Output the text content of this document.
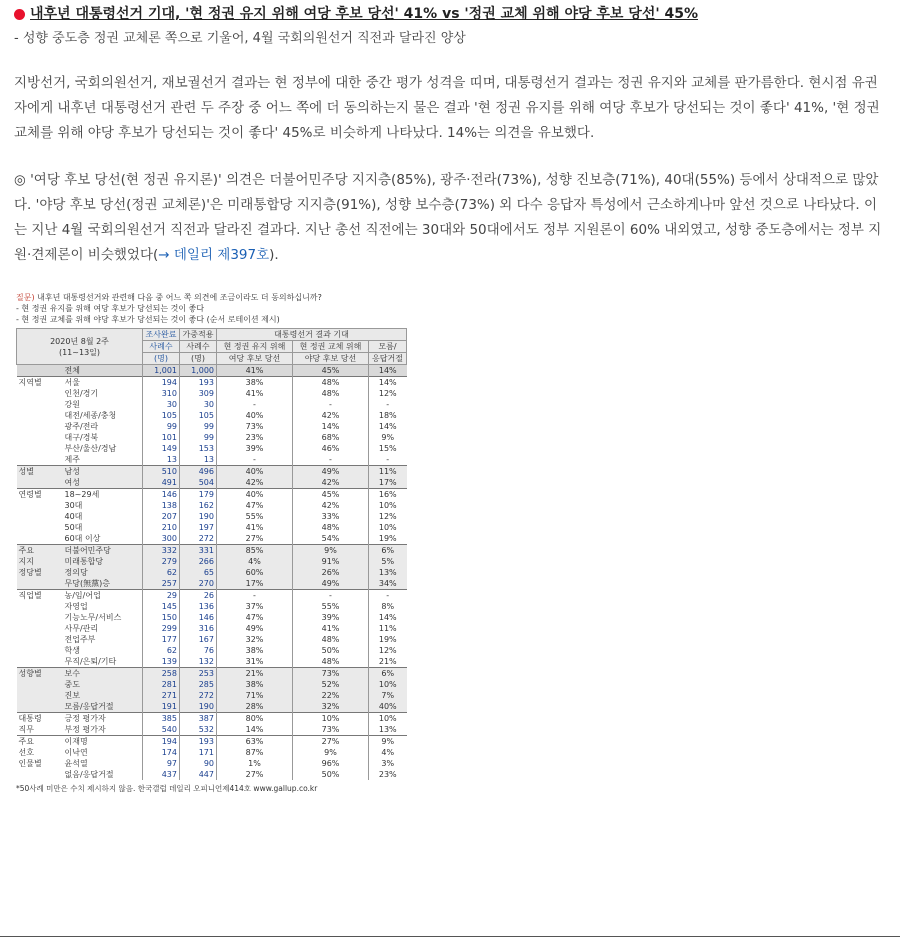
내후년 대통령선거 기대, '현 정권 유지 위해 여당 후보 당선' 41% vs '정권 교체 위해 야당 후보 당선' 45%
- 성향 중도층 정권 교체론 쪽으로 기울어, 4월 국회의원선거 직전과 달라진 양상
지방선거, 국회의원선거, 재보궐선거 결과는 현 정부에 대한 중간 평가 성격을 띠며, 대통령선거 결과는 정권 유지와 교체를 판가름한다. 현시점 유권자에게 내후년 대통령선거 관련 두 주장 중 어느 쪽에 더 동의하는지 물은 결과 '현 정권 유지를 위해 여당 후보가 당선되는 것이 좋다' 41%, '현 정권 교체를 위해 야당 후보가 당선되는 것이 좋다' 45%로 비슷하게 나타났다. 14%는 의견을 유보했다.
◎ '여당 후보 당선(현 정권 유지론)' 의견은 더불어민주당 지지층(85%), 광주·전라(73%), 성향 진보층(71%), 40대(55%) 등에서 상대적으로 많았다. '야당 후보 당선(정권 교체론)'은 미래통합당 지지층(91%), 성향 보수층(73%) 외 다수 응답자 특성에서 근소하게나마 앞선 것으로 나타났다. 이는 지난 4월 국회의원선거 직전과 달라진 결과다. 지난 총선 직전에는 30대와 50대에서도 정부 지원론이 60% 내외였고, 성향 중도층에서는 정부 지원·견제론이 비슷했었다(→ 데일리 제397호).
질문) 내후년 대통령선거와 관련해 다음 중 어느 쪽 의견에 조금이라도 더 동의하십니까?
- 현 정권 유지를 위해 여당 후보가 당선되는 것이 좋다
- 현 정권 교체를 위해 야당 후보가 당선되는 것이 좋다 (순서 로테이션 제시)
2020년 8월 2주
(11~13일)		조사완료	가중적용	대통령선거 결과 기대		
		사례수	사례수	현 정권 유지 위해	현 정권 교체 위해	모름/
		(명)	(명)	여당 후보 당선	야당 후보 당선	응답거절
	전체	1,001	1,000	41%	45%	14%
지역별	서울	194	193	38%	48%	14%
	인천/경기	310	309	41%	48%	12%
	강원	30	30	-	-	-
	대전/세종/충청	105	105	40%	42%	18%
	광주/전라	99	99	73%	14%	14%
	대구/경북	101	99	23%	68%	9%
	부산/울산/경남	149	153	39%	46%	15%
	제주	13	13	-	-	-
성별	남성	510	496	40%	49%	11%
	여성	491	504	42%	42%	17%
연령별	18~29세	146	179	40%	45%	16%
	30대	138	162	47%	42%	10%
	40대	207	190	55%	33%	12%
	50대	210	197	41%	48%	10%
	60대 이상	300	272	27%	54%	19%
주요	더불어민주당	332	331	85%	9%	6%
지지	미래통합당	279	266	4%	91%	5%
정당별	정의당	62	65	60%	26%	13%
	무당(無黨)층	257	270	17%	49%	34%
직업별	농/임/어업	29	26	-	-	-
	자영업	145	136	37%	55%	8%
	기능노무/서비스	150	146	47%	39%	14%
	사무/관리	299	316	49%	41%	11%
	전업주부	177	167	32%	48%	19%
	학생	62	76	38%	50%	12%
	무직/은퇴/기타	139	132	31%	48%	21%
성향별	보수	258	253	21%	73%	6%
	중도	281	285	38%	52%	10%
	진보	271	272	71%	22%	7%
	모름/응답거절	191	190	28%	32%	40%
대통령	긍정 평가자	385	387	80%	10%	10%
직무	부정 평가자	540	532	14%	73%	13%
주요	이재명	194	193	63%	27%	9%
선호	이낙연	174	171	87%	9%	4%
인물별	윤석열	97	90	1%	96%	3%
	없음/응답거절	437	447	27%	50%	23%
*50사례 미만은 수치 제시하지 않음. 한국갤럽 데일리 오피니언제414호 www.gallup.co.kr
